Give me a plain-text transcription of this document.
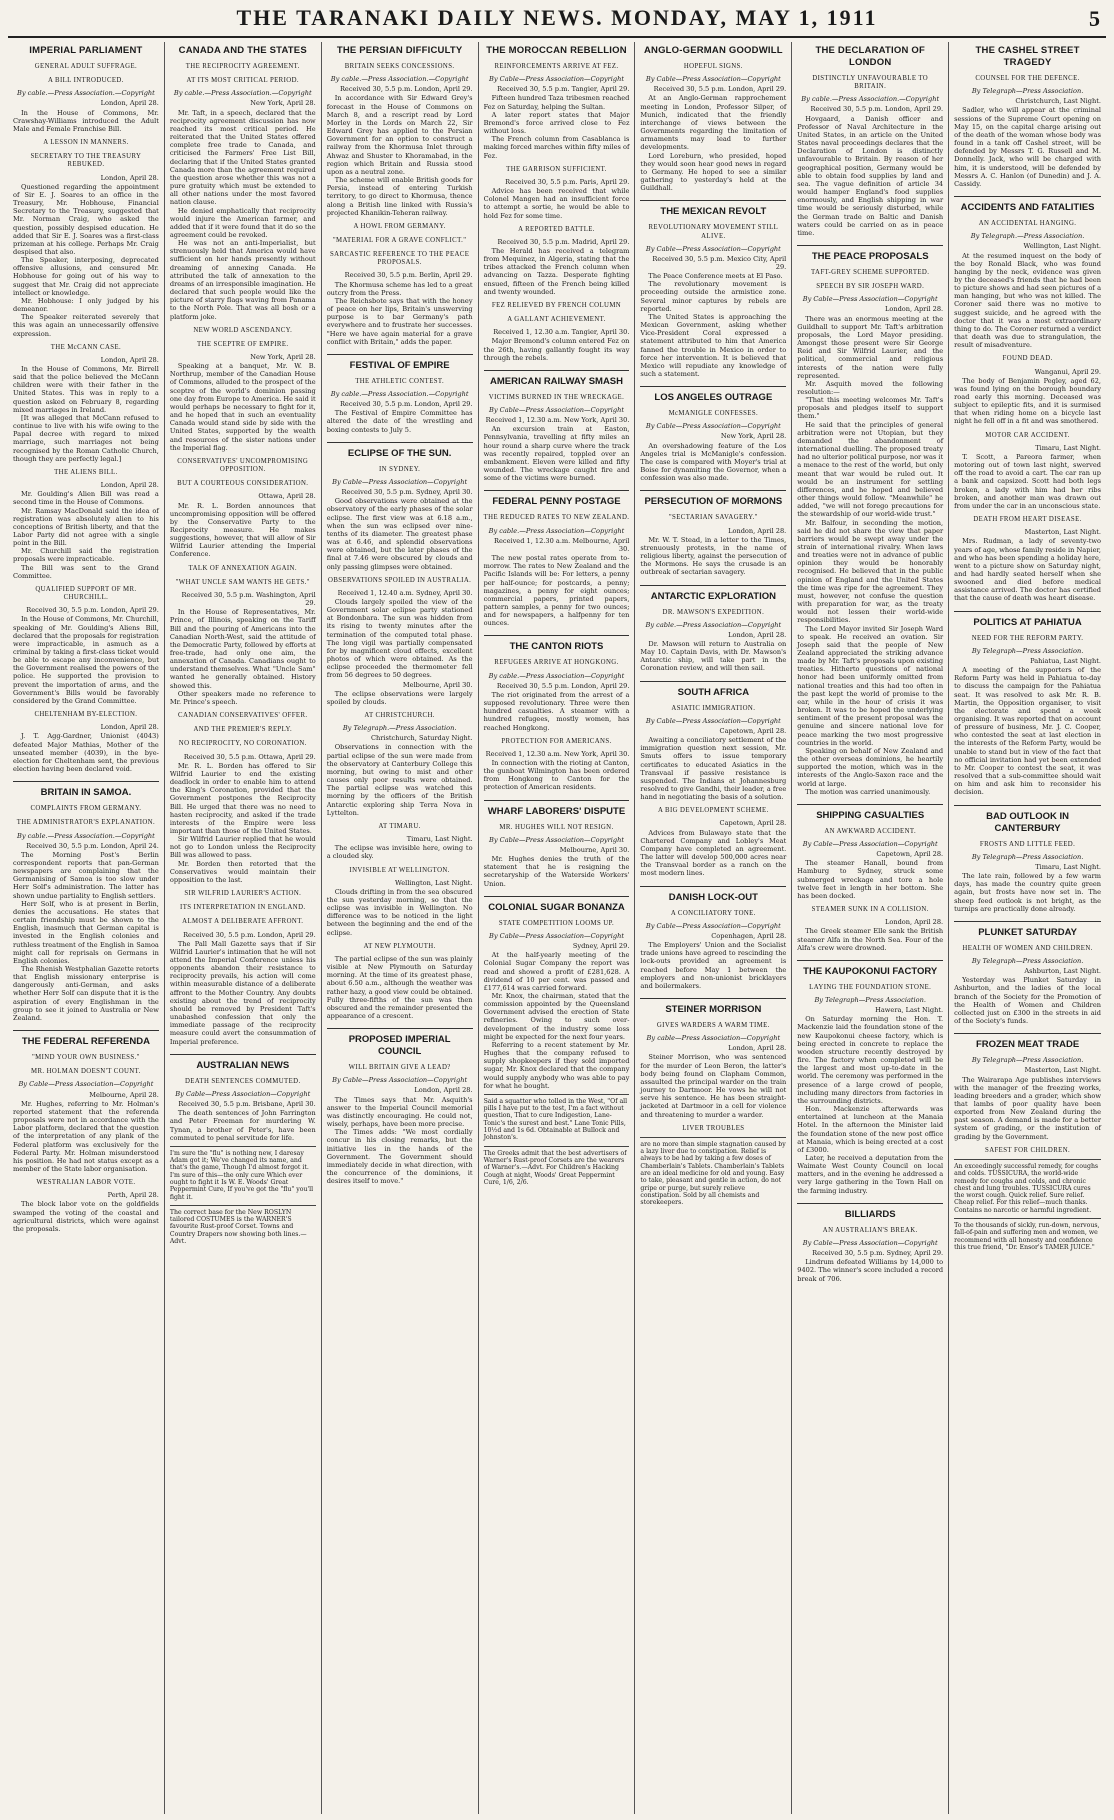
THE TARANAKI DAILY NEWS. MONDAY, MAY 1, 1911	5
IMPERIAL PARLIAMENT
GENERAL ADULT SUFFRAGE.
A BILL INTRODUCED.
By cable.—Press Association.—Copyright
London, April 28.
In the House of Commons, Mr. Crawshay-Williams introduced the Adult Male and Female Franchise Bill.
A LESSON IN MANNERS.
SECRETARY TO THE TREASURY REBUKED.
London, April 28.
Questioned regarding the appointment of Sir E. J. Soares to an office in the Treasury, Mr. Hobhouse, Financial Secretary to the Treasury, suggested that Mr. Norman Craig, who asked the question, possibly despised education. He added that Sir E. J. Soares was a first-class prizeman at his college. Perhaps Mr. Craig despised that also.
The Speaker, interposing, deprecated offensive allusions, and censured Mr. Hobhouse for going out of his way to suggest that Mr. Craig did not appreciate intellect or knowledge.
Mr. Hobhouse: I only judged by his demeanor.
The Speaker reiterated severely that this was again an unnecessarily offensive expression.
THE McCANN CASE.
London, April 28.
In the House of Commons, Mr. Birrell said that the police believed the McCann children were with their father in the United States. This was in reply to a question asked on February 8, regarding mixed marriages in Ireland.
[It was alleged that McCann refused to continue to live with his wife owing to the Papal decree with regard to mixed marriage, such marriages not being recognised by the Roman Catholic Church, though they are perfectly legal.]
THE ALIENS BILL.
London, April 28.
Mr. Goulding's Alien Bill was read a second time in the House of Commons.
Mr. Ramsay MacDonald said the idea of registration was absolutely alien to his conceptions of British liberty, and that the Labor Party did not agree with a single point in the Bill.
Mr. Churchill said the registration proposals were impracticable.
The Bill was sent to the Grand Committee.
QUALIFIED SUPPORT OF MR. CHURCHILL.
Received 30, 5.5 p.m. London, April 29.
In the House of Commons, Mr. Churchill, speaking of Mr. Goulding's Aliens Bill, declared that the proposals for registration were impracticable, in asmuch as a criminal by taking a first-class ticket would be able to escape any inconvenience, but the Government realised the powers of the police. He supported the provision to prevent the importation of arms, and the Government's Bills would be favorably considered by the Grand Committee.
CHELTENHAM BY-ELECTION.
London, April 28.
J. T. Agg-Gardner, Unionist (4043) defeated Major Mathias, Mother of the unseated member (4039), in the bye-election for Cheltenham sent, the previous election having been declared void.
BRITAIN IN SAMOA.
COMPLAINTS FROM GERMANY.
THE ADMINISTRATOR'S EXPLANATION.
By cable.—Press Association.—Copyright
Received 30, 5.5 p.m. London, April 24.
The Morning Post's Berlin correspondent reports that pan-German newspapers are complaining that the Germanising of Samoa is too slow under Herr Solf's administration. The latter has shown undue partiality to English settlers.
Herr Solf, who is at present in Berlin, denies the accusations. He states that certain friendship must be shown to the English, inasmuch that German capital is invested in the English colonies and ruthless treatment of the English in Samoa might call for reprisals on Germans in English colonies.
The Rhenish Westphalian Gazette retorts that English missionary enterprise is dangerously anti-German, and asks whether Herr Solf can dispute that it is the aspiration of every Englishman in the group to see it joined to Australia or New Zealand.
THE FEDERAL REFERENDA
"MIND YOUR OWN BUSINESS."
MR. HOLMAN DOESN'T COUNT.
By Cable—Press Association—Copyright
Melbourne, April 28.
Mr. Hughes, referring to Mr. Holman's reported statement that the referenda proposals were not in accordance with the Labor platform, declared that the question of the interpretation of any plank of the Federal platform was exclusively for the Federal Party. Mr. Holman misunderstood his position. He had not status except as a member of the State labor organisation.
WESTRALIAN LABOR VOTE.
Perth, April 28.
The block labor vote on the goldfields swamped the voting of the coastal and agricultural districts, which were against the proposals.
CANADA AND THE STATES
THE RECIPROCITY AGREEMENT.
AT ITS MOST CRITICAL PERIOD.
By cable.—Press Association.—Copyright
New York, April 28.
Mr. Taft, in a speech, declared that the reciprocity agreement discussion has now reached its most critical period. He reiterated that the United States offered complete free trade to Canada, and criticised the Farmers' Free List Bill, declaring that if the United States granted Canada more than the agreement required the question arose whether this was not a pure gratuity which must be extended to all other nations under the most favored nation clause.
He denied emphatically that reciprocity would injure the American farmer, and added that if it were found that it do so the agreement could be revoked.
He was not an anti-Imperialist, but strenuously held that America would have sufficient on her hands presently without dreaming of annexing Canada. He attributed the talk of annexation to the dreams of an irresponsible imagination. He declared that such people would like the picture of starry flags waving from Panama to the North Pole. That was all bosh or a platform joke.
NEW WORLD ASCENDANCY.
THE SCEPTRE OF EMPIRE.
New York, April 28.
Speaking at a banquet, Mr. W. B. Northrup, member of the Canadian House of Commons, alluded to the prospect of the sceptre of the world's dominion passing one day from Europe to America. He said it would perhaps be necessary to fight for it, and he hoped that in such an eventuality Canada would stand side by side with the United States, supported by the wealth and resources of the sister nations under the Imperial flag.
CONSERVATIVES' UNCOMPROMISING OPPOSITION.
BUT A COURTEOUS CONSIDERATION.
Ottawa, April 28.
Mr. R. L. Borden announces that uncompromising opposition will be offered by the Conservative Party to the Reciprocity measure. He makes suggestions, however, that will allow of Sir Wilfrid Laurier attending the Imperial Conference.
TALK OF ANNEXATION AGAIN.
"WHAT UNCLE SAM WANTS HE GETS."
Received 30, 5.5 p.m. Washington, April 29.
In the House of Representatives, Mr. Prince, of Illinois, speaking on the Tariff Bill and the pouring of Americans into the Canadian North-West, said the attitude of the Democratic Party, followed by efforts at free-trade, had only one aim, the annexation of Canada. Canadians ought to understand themselves. What "Uncle Sam" wanted he generally obtained. History showed this.
Other speakers made no reference to Mr. Prince's speech.
CANADIAN CONSERVATIVES' OFFER.
AND THE PREMIER'S REPLY.
NO RECIPROCITY, NO CORONATION.
Received 30, 5.5 p.m. Ottawa, April 29.
Mr. R. L. Borden has offered to Sir Wilfrid Laurier to end the existing deadlock in order to enable him to attend the King's Coronation, provided that the Government postpones the Reciprocity Bill. He urged that there was no need to hasten reciprocity, and asked if the trade interests of the Empire were less important than those of the United States.
Sir Wilfrid Laurier replied that he would not go to London unless the Reciprocity Bill was allowed to pass.
Mr. Borden then retorted that the Conservatives would maintain their opposition to the last.
SIR WILFRID LAURIER'S ACTION.
ITS INTERPRETATION IN ENGLAND.
ALMOST A DELIBERATE AFFRONT.
Received 30, 5.5 p.m. London, April 29.
The Pall Mall Gazette says that if Sir Wilfrid Laurier's intimation that he will not attend the Imperial Conference unless his opponents abandon their resistance to reciprocity prevails, his action will come within measurable distance of a deliberate affront to the Mother Country. Any doubts existing about the trend of reciprocity should be removed by President Taft's unabashed confession that only the immediate passage of the reciprocity measure could avert the consummation of Imperial preference.
AUSTRALIAN NEWS
DEATH SENTENCES COMMUTED.
By Cable—Press Association—Copyright
Received 30, 5.5 p.m. Brisbane, April 30.
The death sentences of John Farrington and Peter Freeman for murdering W. Tynan, a brother of Peter's, have been commuted to penal servitude for life.
I'm sure the "flu" is nothing new, I daresay Adam got it; We've changed its name, and that's the game, Though I'd almost forgot it. I'm sure of this—the only cure Which ever ought to fight it Is W. E. Woods' Great Peppermint Cure, If you've got the "flu" you'll fight it.
The correct base for the New ROSLYN tailored COSTUMES is the WARNER'S favourite Rust-proof Corset. Towns and Country Drapers now showing both lines.—Advt.
THE PERSIAN DIFFICULTY
BRITAIN SEEKS CONCESSIONS.
By cable.—Press Association.—Copyright
Received 30, 5.5 p.m. London, April 29.
In accordance with Sir Edward Grey's forecast in the House of Commons on March 8, and a rescript read by Lord Morley in the Lords on March 22, Sir Edward Grey has applied to the Persian Government for an option to construct a railway from the Khormusa Inlet through Ahwaz and Shuster to Khoramabad, in the region which Britain and Russia stood upon as a neutral zone.
The scheme will enable British goods for Persia, instead of entering Turkish territory, to go direct to Khormusa, thence along a British line linked with Russia's projected Khanikin-Teheran railway.
A HOWL FROM GERMANY.
"MATERIAL FOR A GRAVE CONFLICT."
SARCASTIC REFERENCE TO THE PEACE PROPOSALS.
Received 30, 5.5 p.m. Berlin, April 29.
The Khormusa scheme has led to a great outcry from the Press.
The Reichsbote says that with the honey of peace on her lips, Britain's unswerving purpose is to bar Germany's path everywhere and to frustrate her successes. "Here we have again material for a grave conflict with Britain," adds the paper.
FESTIVAL OF EMPIRE
THE ATHLETIC CONTEST.
By cable.—Press Association.—Copyright
Received 30, 5.5 p.m. London, April 29.
The Festival of Empire Committee has altered the date of the wrestling and boxing contests to July 5.
ECLIPSE OF THE SUN.
IN SYDNEY.
By Cable—Press Association—Copyright
Received 30, 5.5 p.m. Sydney, April 30.
Good observations were obtained at the observatory of the early phases of the solar eclipse. The first view was at 6.18 a.m., when the sun was eclipsed over nine-tenths of its diameter. The greatest phase was at 6.46, and splendid observations were obtained, but the later phases of the final at 7.46 were obscured by clouds and only passing glimpses were obtained.
OBSERVATIONS SPOILED IN AUSTRALIA.
Received 1, 12.40 a.m. Sydney, April 30.
Clouds largely spoiled the view of the Government solar eclipse party stationed at Bondonbara. The sun was hidden from its rising to twenty minutes after the termination of the computed total phase. The long vigil was partially compensated for by magnificent cloud effects, excellent photos of which were obtained. As the eclipse proceeded the thermometer fell from 56 degrees to 50 degrees.
Melbourne, April 30.
The eclipse observations were largely spoiled by clouds.
AT CHRISTCHURCH.
By Telegraph.—Press Association.
Christchurch, Saturday Night.
Observations in connection with the partial eclipse of the sun were made from the observatory at Canterbury College this morning, but owing to mist and other causes only poor results were obtained. The partial eclipse was watched this morning by the officers of the British Antarctic exploring ship Terra Nova in Lyttelton.
AT TIMARU.
Timaru, Last Night.
The eclipse was invisible here, owing to a clouded sky.
INVISIBLE AT WELLINGTON.
Wellington, Last Night.
Clouds drifting in from the sea obscured the sun yesterday morning, so that the eclipse was invisible in Wellington. No difference was to be noticed in the light between the beginning and the end of the eclipse.
AT NEW PLYMOUTH.
The partial eclipse of the sun was plainly visible at New Plymouth on Saturday morning. At the time of its greatest phase, about 6.50 a.m., although the weather was rather hazy, a good view could be obtained. Fully three-fifths of the sun was then obscured and the remainder presented the appearance of a crescent.
PROPOSED IMPERIAL COUNCIL
WILL BRITAIN GIVE A LEAD?
By Cable—Press Association—Copyright
London, April 28.
The Times says that Mr. Asquith's answer to the Imperial Council memorial was distinctly encouraging. He could not, wisely, perhaps, have been more precise.
The Times adds: "We most cordially concur in his closing remarks, but the initiative lies in the hands of the Government. The Government should immediately decide in what direction, with the concurrence of the dominions, it desires itself to move."
THE MOROCCAN REBELLION
REINFORCEMENTS ARRIVE AT FEZ.
By Cable—Press Association—Copyright
Received 30, 5.5 p.m. Tangier, April 29.
Fifteen hundred Taza tribesmen reached Fez on Saturday, helping the Sultan.
A later report states that Major Bremond's force arrived close to Fez without loss.
The French column from Casablanca is making forced marches within fifty miles of Fez.
THE GARRISON SUFFICIENT.
Received 30, 5.5 p.m. Paris, April 29.
Advice has been received that while Colonel Mangen had an insufficient force to attempt a sortie, he would be able to hold Fez for some time.
A REPORTED BATTLE.
Received 30, 5.5 p.m. Madrid, April 29.
The Herald has received a telegram from Mequinez, in Algeria, stating that the tribes attacked the French column when advancing on Tazza. Desperate fighting ensued, fifteen of the French being killed and twenty wounded.
FEZ RELIEVED BY FRENCH COLUMN
A GALLANT ACHIEVEMENT.
Received 1, 12.30 a.m. Tangier, April 30.
Major Bremond's column entered Fez on the 26th, having gallantly fought its way through the rebels.
AMERICAN RAILWAY SMASH
VICTIMS BURNED IN THE WRECKAGE.
By Cable—Press Association—Copyright
Received 1, 12.30 a.m. New York, April 30.
An excursion train at Easton, Pennsylvania, travelling at fifty miles an hour round a sharp curve where the track was recently repaired, toppled over an embankment. Eleven were killed and fifty wounded. The wreckage caught fire and some of the victims were burned.
FEDERAL PENNY POSTAGE
THE REDUCED RATES TO NEW ZEALAND.
By cable.—Press Association—Copyright
Received 1, 12.30 a.m. Melbourne, April 30.
The new postal rates operate from to-morrow. The rates to New Zealand and the Pacific Islands will be: For letters, a penny per half-ounce; for postcards, a penny; magazines, a penny for eight ounces; commercial papers, printed papers, pattern samples, a penny for two ounces; and for newspapers, a halfpenny for ten ounces.
THE CANTON RIOTS
REFUGEES ARRIVE AT HONGKONG.
By cable.—Press Association—Copyright
Received 30, 5.5 p.m. London, April 29.
The riot originated from the arrest of a supposed revolutionary. Three were then hundred casualties. A steamer with a hundred refugees, mostly women, has reached Hongkong.
PROTECTION FOR AMERICANS.
Received 1, 12.30 a.m. New York, April 30.
In connection with the rioting at Canton, the gunboat Wilmington has been ordered from Hongkong to Canton for the protection of American residents.
WHARF LABORERS' DISPUTE
MR. HUGHES WILL NOT RESIGN.
By Cable—Press Association—Copyright
Melbourne, April 30.
Mr. Hughes denies the truth of the statement that he is resigning the secretaryship of the Waterside Workers' Union.
COLONIAL SUGAR BONANZA
STATE COMPETITION LOOMS UP.
By Cable—Press Association—Copyright
Sydney, April 29.
At the half-yearly meeting of the Colonial Sugar Company the report was read and showed a profit of £281,628. A dividend of 10 per cent. was passed and £177,614 was carried forward.
Mr. Knox, the chairman, stated that the commission appointed by the Queensland Government advised the erection of State refineries. Owing to such over-development of the industry some loss might be expected for the next four years.
Referring to a recent statement by Mr. Hughes that the company refused to supply shopkeepers if they sold imported sugar, Mr. Knox declared that the company would supply anybody who was able to pay for what he bought.
Said a squatter who tolled in the West, "Of all pills I have put to the test, I'm a fact without question, That to cure Indigestion, Lane-Tonic's the surest and best." Lane Tonic Pills, 10½d and 1s 6d. Obtainable at Bullock and Johnston's.
The Greeks admit that the best advertisers of Warner's Rust-proof Corsets are the wearers of Warner's.—Advt. For Children's Hacking Cough at night, Woods' Great Peppermint Cure, 1/6, 2/6.
ANGLO-GERMAN GOODWILL
HOPEFUL SIGNS.
By Cable—Press Association—Copyright
Received 30, 5.5 p.m. London, April 29.
At an Anglo-German rapprochement meeting in London, Professor Silper, of Munich, indicated that the friendly interchange of views between the Governments regarding the limitation of armaments may lead to further developments.
Lord Loreburn, who presided, hoped they would soon hear good news in regard to Germany. He hoped to see a similar gathering to yesterday's held at the Guildhall.
THE MEXICAN REVOLT
REVOLUTIONARY MOVEMENT STILL ALIVE.
By Cable—Press Association—Copyright
Received 30, 5.5 p.m. Mexico City, April 29.
The Peace Conference meets at El Paso.
The revolutionary movement is proceeding outside the armistice zone. Several minor captures by rebels are reported.
The United States is approaching the Mexican Government, asking whether Vice-President Coral expressed a statement attributed to him that America fanned the trouble in Mexico in order to force her intervention. It is believed that Mexico will repudiate any knowledge of such a statement.
LOS ANGELES OUTRAGE
McMANIGLE CONFESSES.
By Cable—Press Association—Copyright
New York, April 28.
An overshadowing feature of the Los Angeles trial is McManigle's confession. The case is compared with Moyer's trial at Boise for dynamiting the Governor, when a confession was also made.
PERSECUTION OF MORMONS
"SECTARIAN SAVAGERY."
London, April 28.
Mr. W. T. Stead, in a letter to the Times, strenuously protests, in the name of religious liberty, against the persecution of the Mormons. He says the crusade is an outbreak of sectarian savagery.
ANTARCTIC EXPLORATION
DR. MAWSON'S EXPEDITION.
By cable.—Press Association—Copyright
London, April 28.
Dr. Mawson will return to Australia on May 10. Captain Davis, with Dr. Mawson's Antarctic ship, will take part in the Coronation review, and will then sail.
SOUTH AFRICA
ASIATIC IMMIGRATION.
By Cable—Press Association—Copyright
Capetown, April 28.
Awaiting a conciliatory settlement of the immigration question next session, Mr. Smuts offers to issue temporary certificates to educated Asiatics in the Transvaal if passive resistance is suspended. The Indians at Johannesburg resolved to give Gandhi, their leader, a free hand in negotiating the basis of a solution.
A BIG DEVELOPMENT SCHEME.
Capetown, April 28.
Advices from Bulawayo state that the Chartered Company and Lobley's Meat Company have completed an agreement. The latter will develop 500,000 acres near the Transvaal border as a ranch on the most modern lines.
DANISH LOCK-OUT
A CONCILIATORY TONE.
By Cable—Press Association—Copyright
Copenhagen, April 28.
The Employers' Union and the Socialist trade unions have agreed to rescinding the lock-outs provided an agreement is reached before May 1 between the employers and non-unionist bricklayers and boilermakers.
STEINER MORRISON
GIVES WARDERS A WARM TIME.
By cable—Press Association—Copyright
London, April 28.
Steiner Morrison, who was sentenced for the murder of Leon Beron, the latter's body being found on Clapham Common, assaulted the principal warder on the train journey to Dartmoor. He vows he will not serve his sentence. He has been straight-jacketed at Dartmoor in a cell for violence and threatening to murder a warder.
LIVER TROUBLES
are no more than simple stagnation caused by a lazy liver due to constipation. Relief is always to be had by taking a few doses of Chamberlain's Tablets. Chamberlain's Tablets are an ideal medicine for old and young. Easy to take, pleasant and gentle in action, do not gripe or purge, but surely relieve constipation. Sold by all chemists and storekeepers.
THE DECLARATION OF LONDON
DISTINCTLY UNFAVOURABLE TO BRITAIN.
By cable.—Press Association.—Copyright
Received 30, 5.5 p.m. London, April 29.
Hovgaard, a Danish officer and Professor of Naval Architecture in the United States, in an article on the United States naval proceedings declares that the Declaration of London is distinctly unfavourable to Britain. By reason of her geographical position, Germany would be able to obtain food supplies by land and sea. The vague definition of article 34 would hamper England's food supplies enormously, and English shipping in war time would be seriously disturbed, while the German trade on Baltic and Danish waters could be carried on as in peace time.
THE PEACE PROPOSALS
TAFT-GREY SCHEME SUPPORTED.
SPEECH BY SIR JOSEPH WARD.
By Cable—Press Association—Copyright
London, April 28.
There was an enormous meeting at the Guildhall to support Mr. Taft's arbitration proposals, the Lord Mayor presiding. Amongst those present were Sir George Reid and Sir Wilfrid Laurier, and the political, commercial and religious interests of the nation were fully represented.
Mr. Asquith moved the following resolution:—
"That this meeting welcomes Mr. Taft's proposals and pledges itself to support them."
He said that the principles of general arbitration were not Utopian, but they demanded the abandonment of international duelling. The proposed treaty had no ulterior political purpose, nor was it a menace to the rest of the world, but only meant that war would be ruled out. It would be an instrument for settling differences, and he hoped and believed other things would follow. "Meanwhile" he added, "we will not forego precautions for the stewardship of our world-wide trust."
Mr. Balfour, in seconding the motion, said he did not share the view that paper barriers would be swept away under the strain of international rivalry. When laws and treaties were not in advance of public opinion they would be honorably recognised. He believed that in the public opinion of England and the United States the time was ripe for the agreement. They must, however, not confuse the question with preparation for war, as the treaty would not lessen their world-wide responsibilities.
The Lord Mayor invited Sir Joseph Ward to speak. He received an ovation. Sir Joseph said that the people of New Zealand appreciated the striking advance made by Mr. Taft's proposals upon existing treaties. Hitherto questions of national honor had been uniformly omitted from national treaties and this had too often in the past kept the world of promise to the ear, while in the hour of crisis it was broken. It was to be hoped the underlying sentiment of the present proposal was the genuine and sincere national love for peace marking the two most progressive countries in the world.
Speaking on behalf of New Zealand and the other overseas dominions, he heartily supported the motion, which was in the interests of the Anglo-Saxon race and the world at large.
The motion was carried unanimously.
SHIPPING CASUALTIES
AN AWKWARD ACCIDENT.
By Cable—Press Association—Copyright
Capetown, April 28.
The steamer Hanall, bound from Hamburg to Sydney, struck some submerged wreckage and tore a hole twelve feet in length in her bottom. She has been docked.
STEAMER SUNK IN A COLLISION.
London, April 28.
The Greek steamer Elle sank the British steamer Alfa in the North Sea. Four of the Alfa's crew were drowned.
THE KAUPOKONUI FACTORY
LAYING THE FOUNDATION STONE.
By Telegraph—Press Association.
Hawera, Last Night.
On Saturday morning the Hon. T. Mackenzie laid the foundation stone of the new Kaupokonui cheese factory, which is being erected in concrete to replace the wooden structure recently destroyed by fire. The factory when completed will be the largest and most up-to-date in the world. The ceremony was performed in the presence of a large crowd of people, including many directors from factories in the surrounding districts.
Hon. Mackenzie afterwards was entertained at luncheon at the Manaia Hotel. In the afternoon the Minister laid the foundation stone of the new post office at Manaia, which is being erected at a cost of £3000.
Later, he received a deputation from the Waimate West County Council on local matters, and in the evening he addressed a very large gathering in the Town Hall on the farming industry.
BILLIARDS
AN AUSTRALIAN'S BREAK.
By Cable—Press Association—Copyright
Received 30, 5.5 p.m. Sydney, April 29.
Lindrum defeated Williams by 14,000 to 9402. The winner's score included a record break of 706.
THE CASHEL STREET TRAGEDY
COUNSEL FOR THE DEFENCE.
By Telegraph—Press Association.
Christchurch, Last Night.
Sadler, who will appear at the criminal sessions of the Supreme Court opening on May 15, on the capital charge arising out of the death of the woman whose body was found in a tank off Cashel street, will be defended by Messrs T. G. Russell and M. Donnelly. Jack, who will be charged with him, it is understood, will be defended by Messrs A. C. Hanlon (of Dunedin) and J. A. Cassidy.
ACCIDENTS AND FATALITIES
AN ACCIDENTAL HANGING.
By Telegraph.—Press Association.
Wellington, Last Night.
At the resumed inquest on the body of the boy Ronald Black, who was found hanging by the neck, evidence was given by the deceased's friends that he had been to picture shows and had seen pictures of a man hanging, but who was not killed. The Coroner said there was no motive to suggest suicide, and he agreed with the doctor that it was a most extraordinary thing to do. The Coroner returned a verdict that death was due to strangulation, the result of misadventure.
FOUND DEAD.
Wanganui, April 29.
The body of Benjamin Pegley, aged 62, was found lying on the borough boundary road early this morning. Deceased was subject to epileptic fits, and it is surmised that when riding home on a bicycle last night he fell off in a fit and was smothered.
MOTOR CAR ACCIDENT.
Timaru, Last Night.
T. Scott, a Pareora farmer, when motoring out of town last night, swerved off the road to avoid a cart. The car ran up a bank and capsized. Scott had both legs broken, a lady with him had her ribs broken, and another man was drawn out from under the car in an unconscious state.
DEATH FROM HEART DISEASE.
Masterton, Last Night.
Mrs. Rudman, a lady of seventy-two years of age, whose family reside in Napier, and who has been spending a holiday here, went to a picture show on Saturday night, and had hardly seated herself when she swooned and died before medical assistance arrived. The doctor has certified that the cause of death was heart disease.
POLITICS AT PAHIATUA
NEED FOR THE REFORM PARTY.
By Telegraph—Press Association.
Pahiatua, Last Night.
A meeting of the supporters of the Reform Party was held in Pahiatua to-day to discuss the campaign for the Pahiatua seat. It was resolved to ask Mr. R. B. Martin, the Opposition organiser, to visit the electorate and spend a week organising. It was reported that on account of pressure of business, Mr. J. C. Cooper, who contested the seat at last election in the interests of the Reform Party, would be unable to stand but in view of the fact that no official invitation had yet been extended to Mr. Cooper to contest the seat, it was resolved that a sub-committee should wait on him and ask him to reconsider his decision.
BAD OUTLOOK IN CANTERBURY
FROSTS AND LITTLE FEED.
By Telegraph—Press Association.
Timaru, Last Night.
The late rain, followed by a few warm days, has made the country quite green again, but frosts have now set in. The sheep feed outlook is not bright, as the turnips are practically done already.
PLUNKET SATURDAY
HEALTH OF WOMEN AND CHILDREN.
By Telegraph—Press Association.
Ashburton, Last Night.
Yesterday was Plunket Saturday in Ashburton, and the ladies of the local branch of the Society for the Promotion of the Health of Women and Children collected just on £300 in the streets in aid of the Society's funds.
FROZEN MEAT TRADE
By Telegraph—Press Association.
Masterton, Last Night.
The Wairarapa Age publishes interviews with the manager of the freezing works, leading breeders and a grader, which show that lambs of poor quality have been exported from New Zealand during the past season. A demand is made for a better system of grading, or the institution of grading by the Government.
SAFEST FOR CHILDREN.
An exceedingly successful remedy, for coughs and colds. TUSSICURA, the world-wide remedy for coughs and colds, and chronic chest and lung troubles. TUSSICURA cures the worst cough. Quick relief. Sure relief. Cheap relief. For this relief—much thanks. Contains no narcotic or harmful ingredient.
To the thousands of sickly, run-down, nervous, fall-of-pain and suffering men and women, we recommend with all honesty and confidence this true friend, "Dr. Ensor's TAMER JUICE."
